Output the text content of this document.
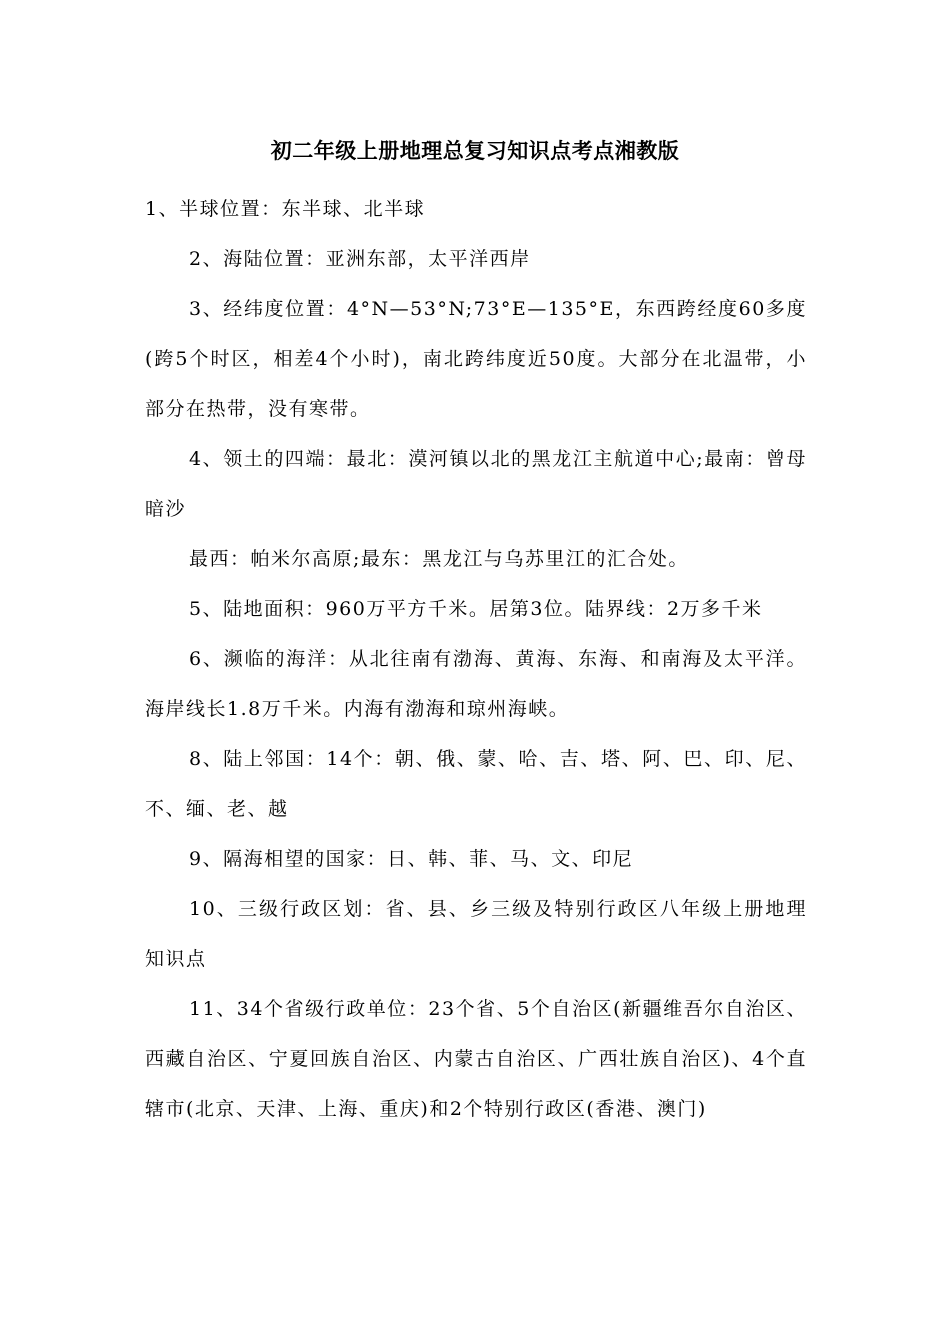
初二年级上册地理总复习知识点考点湘教版

1、半球位置：东半球、北半球

2、海陆位置：亚洲东部，太平洋西岸

3、经纬度位置：4°N—53°N;73°E—135°E，东西跨经度60多度(跨5个时区，相差4个小时)，南北跨纬度近50度。大部分在北温带，小部分在热带，没有寒带。

4、领土的四端：最北：漠河镇以北的黑龙江主航道中心;最南：曾母暗沙

最西：帕米尔高原;最东：黑龙江与乌苏里江的汇合处。

5、陆地面积：960万平方千米。居第3位。陆界线：2万多千米

6、濒临的海洋：从北往南有渤海、黄海、东海、和南海及太平洋。海岸线长1.8万千米。内海有渤海和琼州海峡。

8、陆上邻国：14个：朝、俄、蒙、哈、吉、塔、阿、巴、印、尼、不、缅、老、越

9、隔海相望的国家：日、韩、菲、马、文、印尼

10、三级行政区划：省、县、乡三级及特别行政区八年级上册地理知识点

11、34个省级行政单位：23个省、5个自治区(新疆维吾尔自治区、西藏自治区、宁夏回族自治区、内蒙古自治区、广西壮族自治区)、4个直辖市(北京、天津、上海、重庆)和2个特别行政区(香港、澳门)
